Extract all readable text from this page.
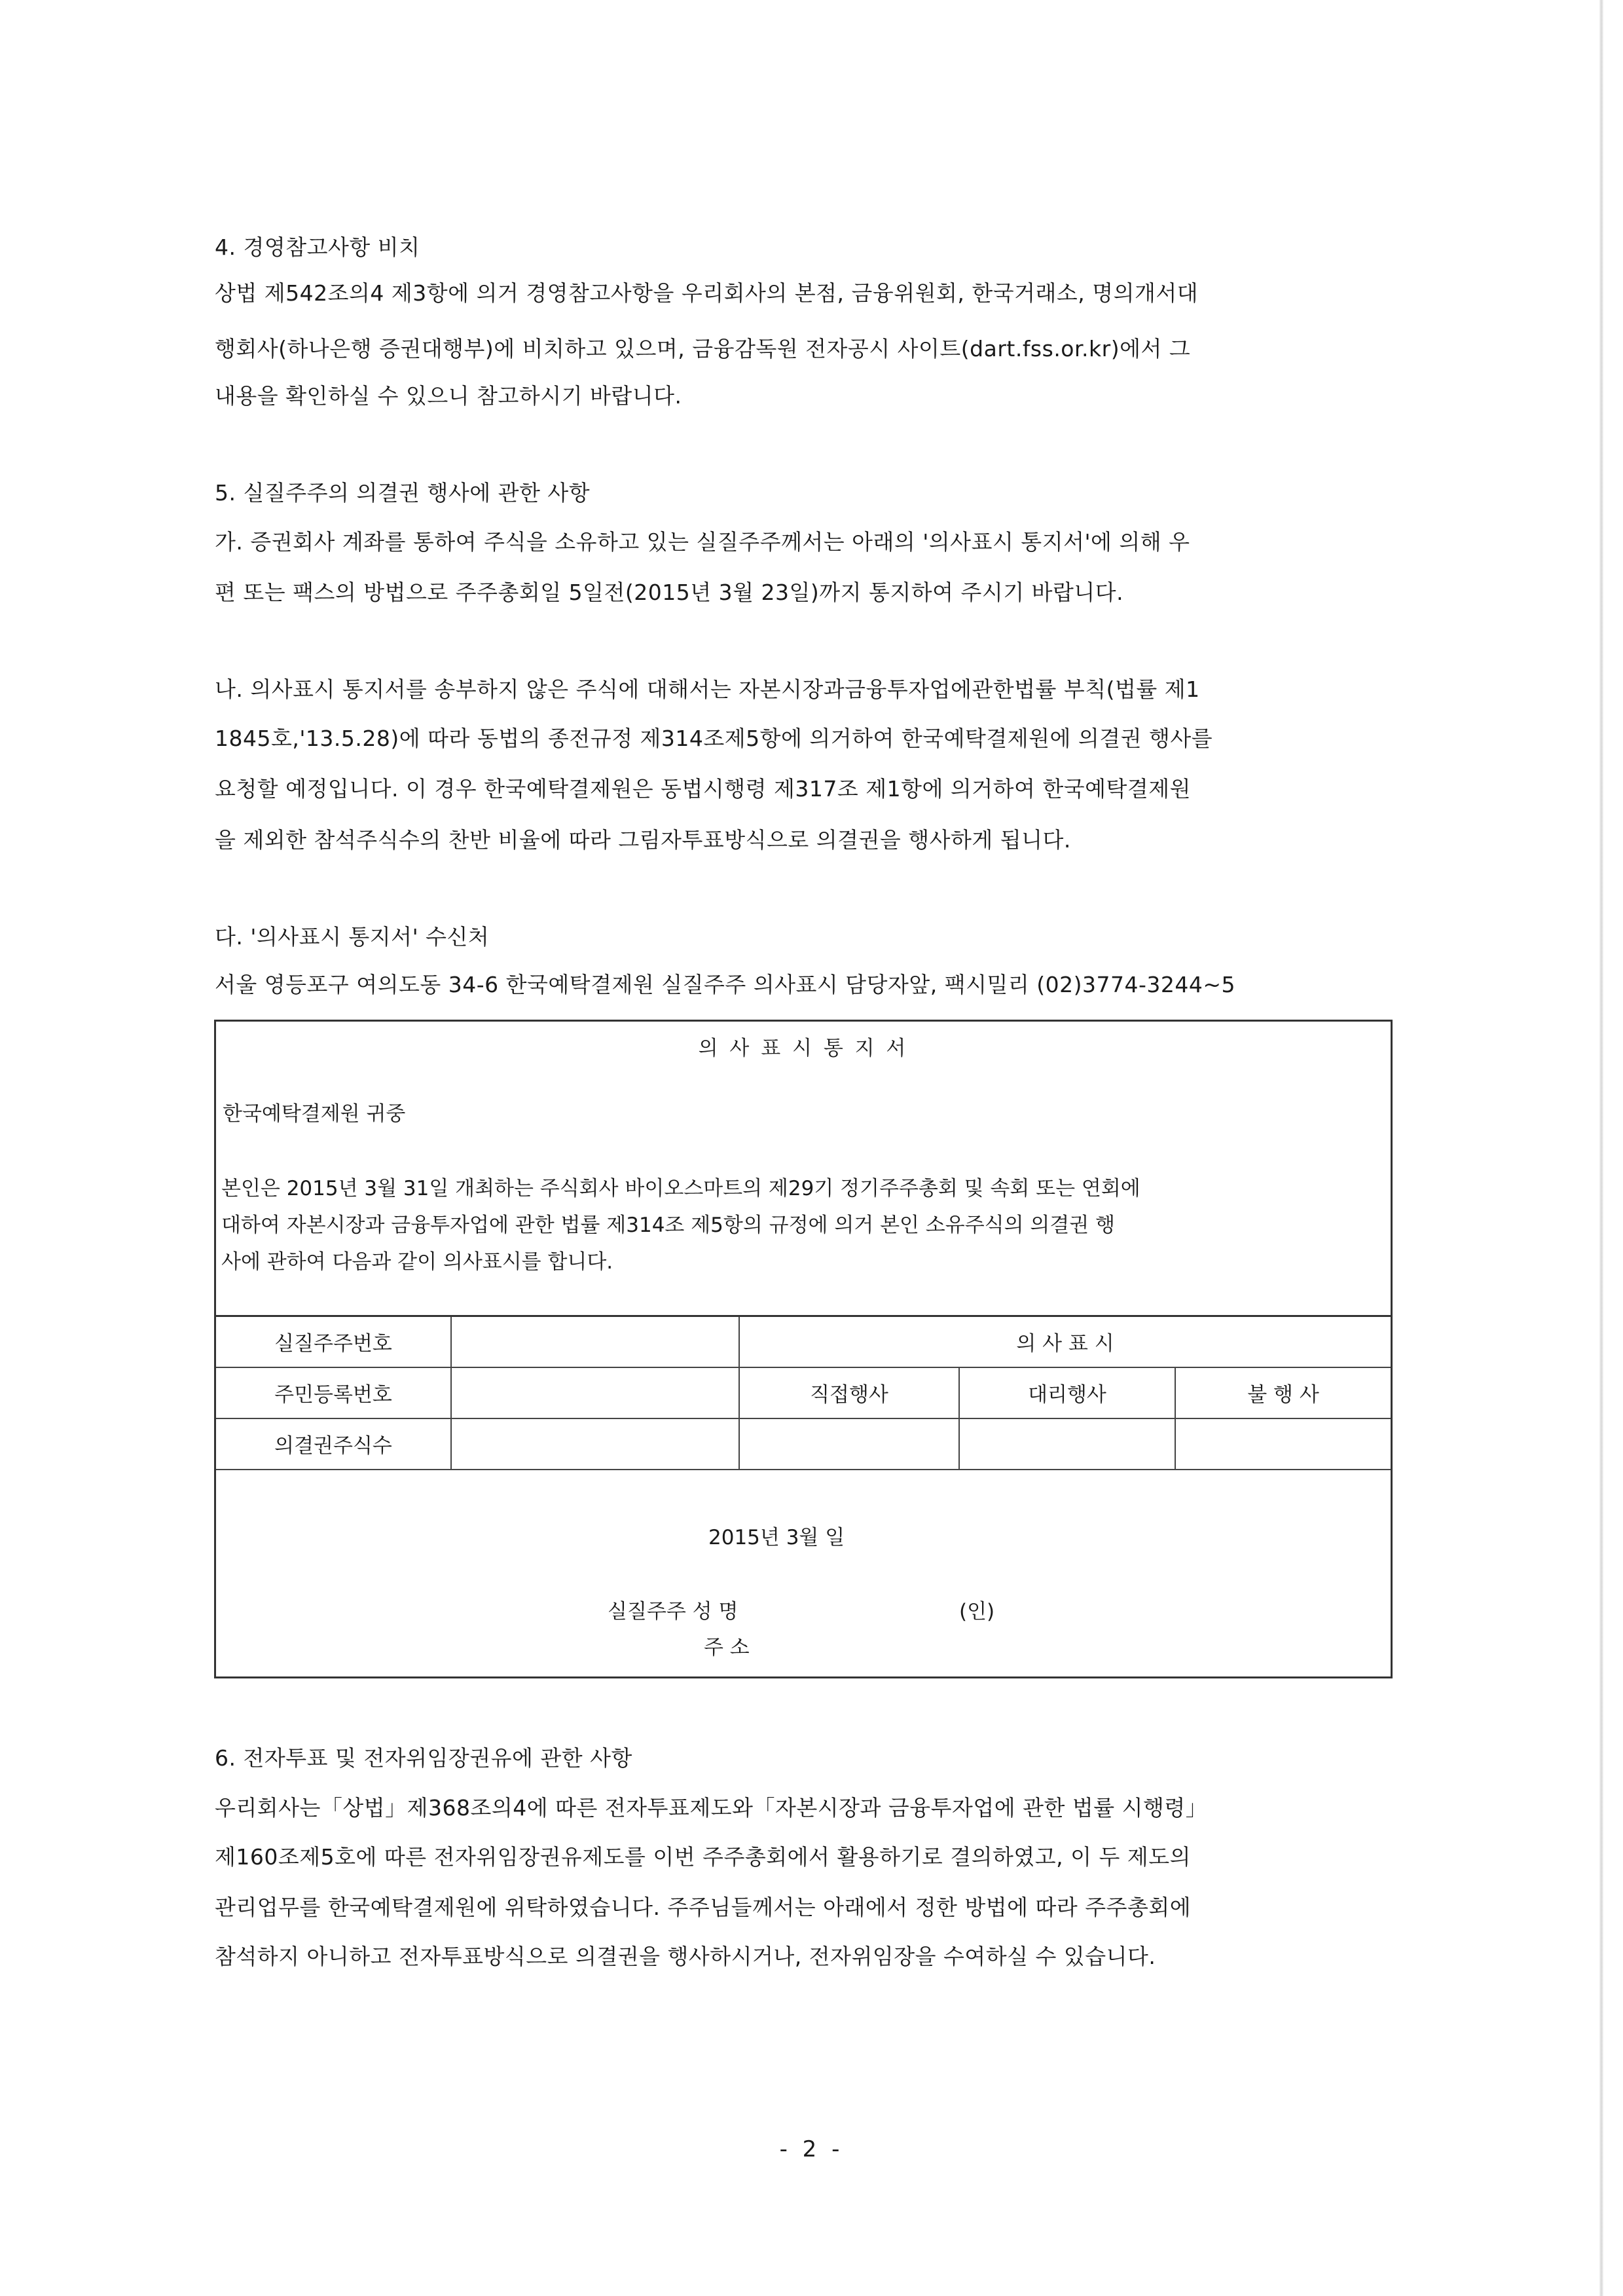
4. 경영참고사항 비치
상법 제542조의4 제3항에 의거 경영참고사항을 우리회사의 본점, 금융위원회, 한국거래소, 명의개서대
행회사(하나은행 증권대행부)에 비치하고 있으며, 금융감독원 전자공시 사이트(dart.fss.or.kr)에서 그
내용을 확인하실 수 있으니 참고하시기 바랍니다.
5. 실질주주의 의결권 행사에 관한 사항
가. 증권회사 계좌를 통하여 주식을 소유하고 있는 실질주주께서는 아래의 '의사표시 통지서'에 의해 우
편 또는 팩스의 방법으로 주주총회일 5일전(2015년 3월 23일)까지 통지하여 주시기 바랍니다.
나. 의사표시 통지서를 송부하지 않은 주식에 대해서는 자본시장과금융투자업에관한법률 부칙(법률 제1
1845호,'13.5.28)에 따라 동법의 종전규정 제314조제5항에 의거하여 한국예탁결제원에 의결권 행사를
요청할 예정입니다. 이 경우 한국예탁결제원은 동법시행령 제317조 제1항에 의거하여 한국예탁결제원
을 제외한 참석주식수의 찬반 비율에 따라 그림자투표방식으로 의결권을 행사하게 됩니다.
다. '의사표시 통지서' 수신처
서울 영등포구 여의도동 34-6 한국예탁결제원 실질주주 의사표시 담당자앞, 팩시밀리 (02)3774-3244~5
의 사 표 시 통 지 서
한국예탁결제원 귀중
본인은 2015년 3월 31일 개최하는 주식회사 바이오스마트의 제29기 정기주주총회 및 속회 또는 연회에
대하여 자본시장과 금융투자업에 관한 법률 제314조 제5항의 규정에 의거 본인 소유주식의 의결권 행
사에 관하여 다음과 같이 의사표시를 합니다.
실질주주번호		의 사 표 시		
주민등록번호		직접행사	대리행사	불 행 사
의결권주식수				
2015년 3월 일
실질주주 성 명	(인)
주 소
6. 전자투표 및 전자위임장권유에 관한 사항
우리회사는「상법」제368조의4에 따른 전자투표제도와「자본시장과 금융투자업에 관한 법률 시행령」
제160조제5호에 따른 전자위임장권유제도를 이번 주주총회에서 활용하기로 결의하였고, 이 두 제도의
관리업무를 한국예탁결제원에 위탁하였습니다. 주주님들께서는 아래에서 정한 방법에 따라 주주총회에
참석하지 아니하고 전자투표방식으로 의결권을 행사하시거나, 전자위임장을 수여하실 수 있습니다.
- 2 -
